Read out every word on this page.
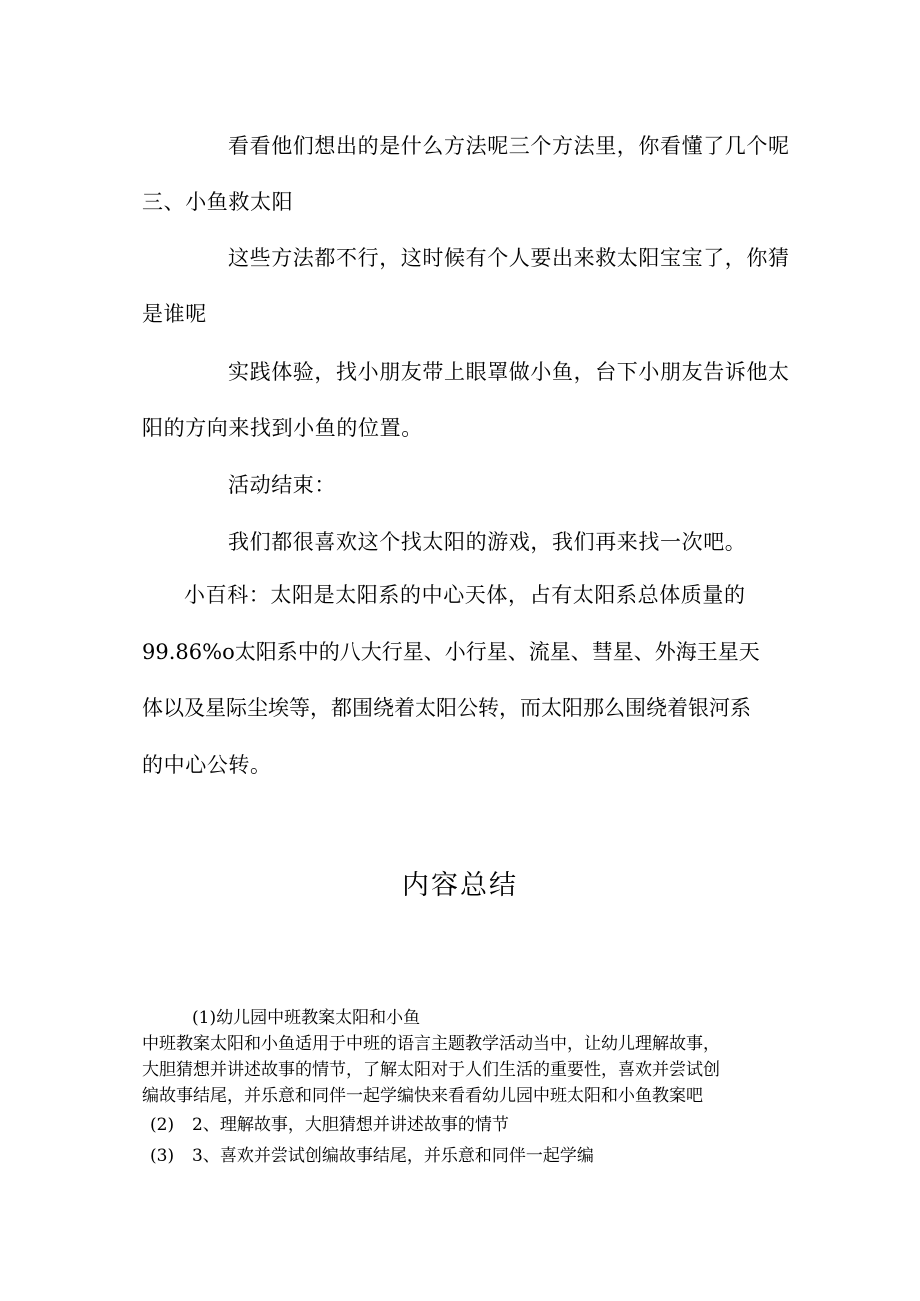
看看他们想出的是什么方法呢三个方法里，你看懂了几个呢
三、小鱼救太阳
这些方法都不行，这时候有个人要出来救太阳宝宝了，你猜
是谁呢
实践体验，找小朋友带上眼罩做小鱼，台下小朋友告诉他太
阳的方向来找到小鱼的位置。
活动结束：
我们都很喜欢这个找太阳的游戏，我们再来找一次吧。
小百科：太阳是太阳系的中心天体，占有太阳系总体质量的
99.86%o太阳系中的八大行星、小行星、流星、彗星、外海王星天
体以及星际尘埃等，都围绕着太阳公转，而太阳那么围绕着银河系
的中心公转。
内容总结
(1)幼儿园中班教案太阳和小鱼
中班教案太阳和小鱼适用于中班的语言主题教学活动当中，让幼儿理解故事，
大胆猜想并讲述故事的情节，了解太阳对于人们生活的重要性，喜欢并尝试创
编故事结尾，并乐意和同伴一起学编快来看看幼儿园中班太阳和小鱼教案吧
(2) 2、理解故事，大胆猜想并讲述故事的情节
(3) 3、喜欢并尝试创编故事结尾，并乐意和同伴一起学编
